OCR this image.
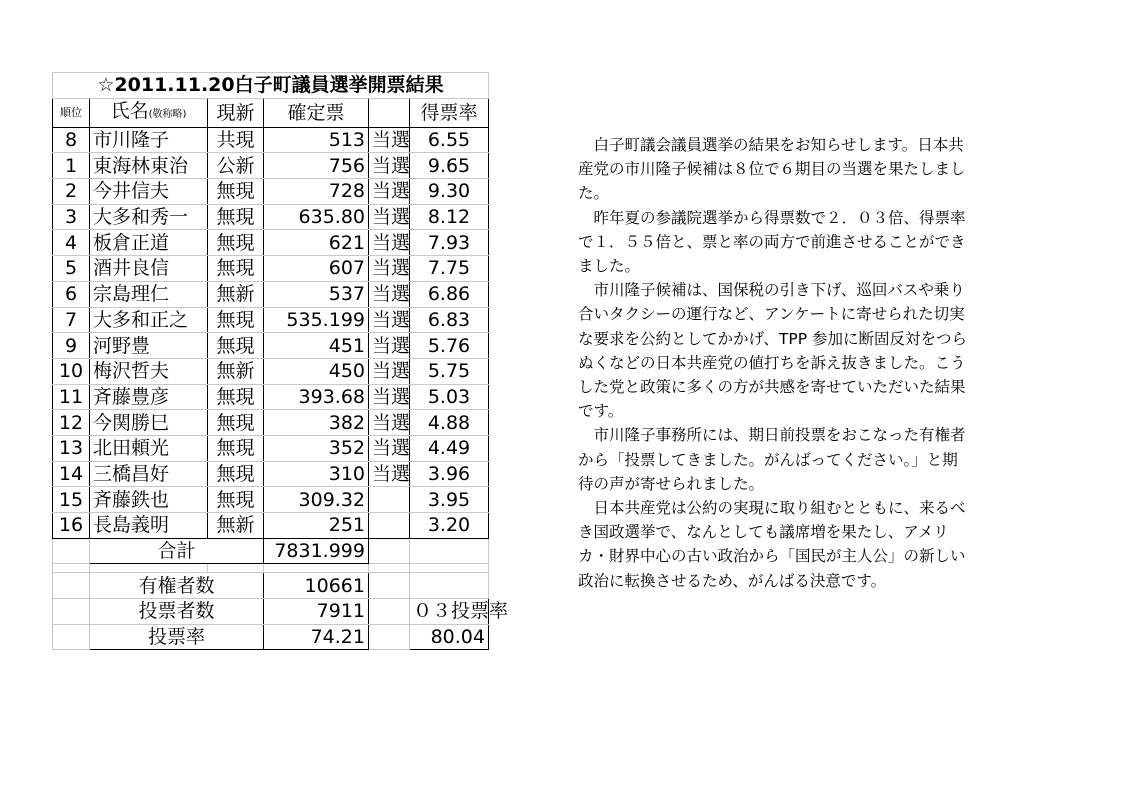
☆2011.11.20白子町議員選挙開票結果					
順位	氏名(敬称略)	現新	確定票		得票率
8	市川隆子	共現	513	当選	6.55
1	東海林東治	公新	756	当選	9.65
2	今井信夫	無現	728	当選	9.30
3	大多和秀一	無現	635.80	当選	8.12
4	板倉正道	無現	621	当選	7.93
5	酒井良信	無現	607	当選	7.75
6	宗島理仁	無新	537	当選	6.86
7	大多和正之	無現	535.199	当選	6.83
9	河野豊	無現	451	当選	5.76
10	梅沢哲夫	無新	450	当選	5.75
11	斉藤豊彦	無現	393.68	当選	5.03
12	今関勝巳	無現	382	当選	4.88
13	北田頼光	無現	352	当選	4.49
14	三橋昌好	無現	310	当選	3.96
15	斉藤鉄也	無現	309.32		3.95
16	長島義明	無新	251		3.20
	合計		7831.999		

	有権者数		10661		
	投票者数		7911		０３投票率
	投票率		74.21		80.04

白子町議会議員選挙の結果をお知らせします。日本共産党の市川隆子候補は８位で６期目の当選を果たしました。

昨年夏の参議院選挙から得票数で２．０３倍、得票率で１．５５倍と、票と率の両方で前進させることができました。

市川隆子候補は、国保税の引き下げ、巡回バスや乗り合いタクシーの運行など、アンケートに寄せられた切実な要求を公約としてかかげ、TPP 参加に断固反対をつらぬくなどの日本共産党の値打ちを訴え抜きました。こうした党と政策に多くの方が共感を寄せていただいた結果です。

市川隆子事務所には、期日前投票をおこなった有権者から「投票してきました。がんばってください。」と期待の声が寄せられました。

日本共産党は公約の実現に取り組むとともに、来るべき国政選挙で、なんとしても議席増を果たし、アメリカ・財界中心の古い政治から「国民が主人公」の新しい政治に転換させるため、がんばる決意です。
